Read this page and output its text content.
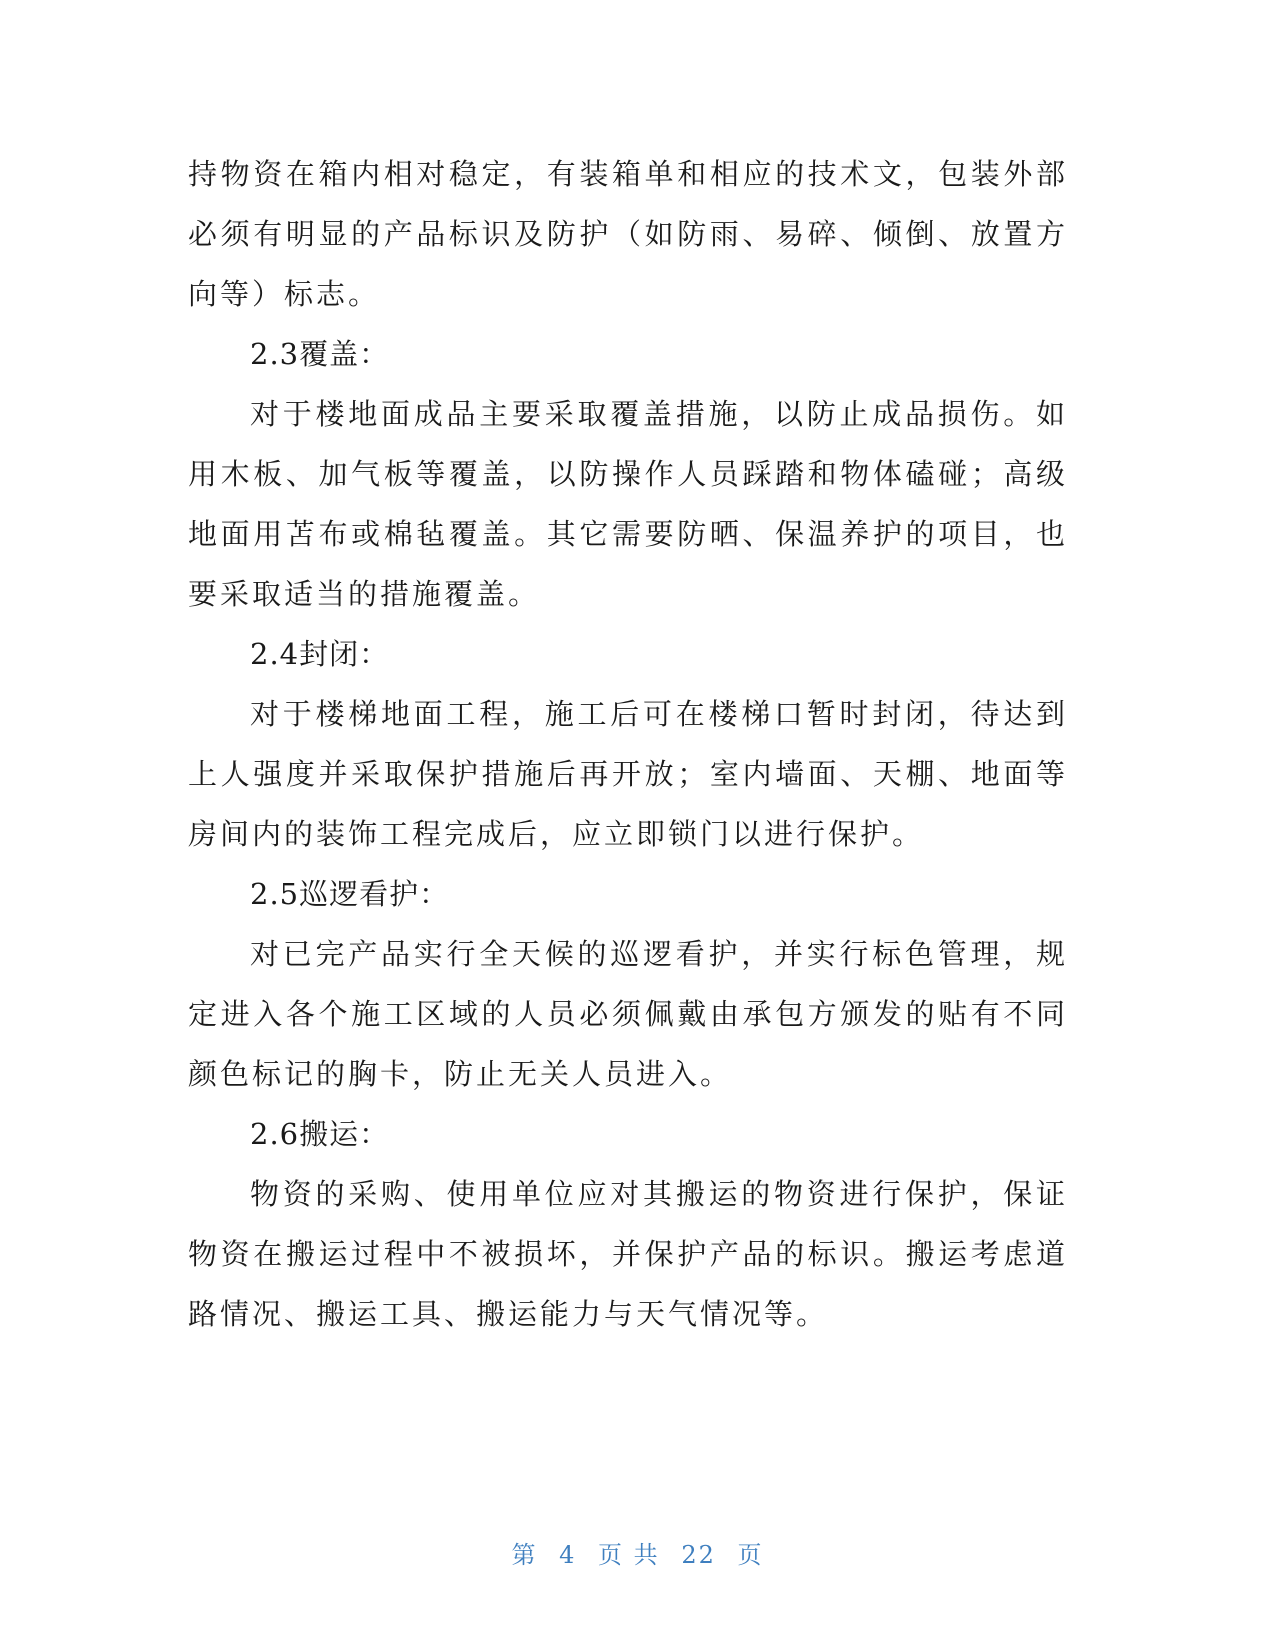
持物资在箱内相对稳定，有装箱单和相应的技术文，包装外部必须有明显的产品标识及防护（如防雨、易碎、倾倒、放置方向等）标志。

2.3覆盖：

对于楼地面成品主要采取覆盖措施，以防止成品损伤。如用木板、加气板等覆盖，以防操作人员踩踏和物体磕碰；高级地面用苫布或棉毡覆盖。其它需要防晒、保温养护的项目，也要采取适当的措施覆盖。

2.4封闭：

对于楼梯地面工程，施工后可在楼梯口暂时封闭，待达到上人强度并采取保护措施后再开放；室内墙面、天棚、地面等房间内的装饰工程完成后，应立即锁门以进行保护。

2.5巡逻看护：

对已完产品实行全天候的巡逻看护，并实行标色管理，规定进入各个施工区域的人员必须佩戴由承包方颁发的贴有不同颜色标记的胸卡，防止无关人员进入。

2.6搬运：

物资的采购、使用单位应对其搬运的物资进行保护，保证物资在搬运过程中不被损坏，并保护产品的标识。搬运考虑道路情况、搬运工具、搬运能力与天气情况等。

第 4 页 共 22 页
